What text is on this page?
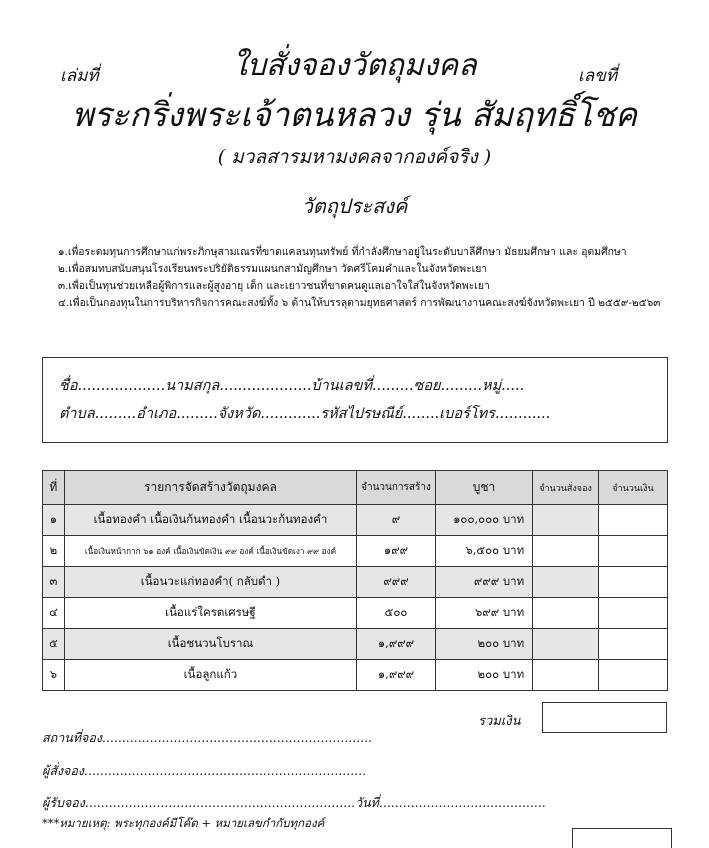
เล่มที่	เลขที่
ใบสั่งจองวัตถุมงคล
พระกริ่งพระเจ้าตนหลวง รุ่น สัมฤทธิ์โชค
( มวลสารมหามงคลจากองค์จริง )
วัตถุประสงค์
๑.เพื่อระดมทุนการศึกษาแก่พระภิกษุสามเณรที่ขาดแคลนทุนทรัพย์ ที่กำลังศึกษาอยู่ในระดับบาลีศึกษา มัธยมศึกษา และ อุดมศึกษา
๒.เพื่อสมทบสนับสนุนโรงเรียนพระปริยัติธรรมแผนกสามัญศึกษา วัดศรีโคมคำและในจังหวัดพะเยา
๓.เพื่อเป็นทุนช่วยเหลือผู้พิการและผู้สูงอายุ เด็ก และเยาวชนที่ขาดคนดูแลเอาใจใส่ในจังหวัดพะเยา
๔.เพื่อเป็นกองทุนในการบริหารกิจการคณะสงฆ์ทั้ง ๖ ด้านให้บรรลุตามยุทธศาสตร์ การพัฒนางานคณะสงฆ์จังหวัดพะเยา ปี ๒๕๕๙-๒๕๖๓
ชื่อ...................นามสกุล....................บ้านเลขที่.........ซอย.........หมู่.....
ตำบล.........อำเภอ.........จังหวัด.............รหัสไปรษณีย์........เบอร์โทร............
ที่	รายการจัดสร้างวัตถุมงคล	จำนวนการสร้าง	บูชา	จำนวนสั่งจอง	จำนวนเงิน
๑	เนื้อทองคำ เนื้อเงินก้นทองคำ เนื้อนวะก้นทองคำ	๙	๑๐๐,๐๐๐ บาท		
๒	เนื้อเงินหน้ากาก ๖๑ องค์ เนื้อเงินขัดเงิน ๙๙ องค์ เนื้อเงินขัดเงา ๙๙ องค์	๑๙๙	๖,๕๐๐ บาท		
๓	เนื้อนวะแก่ทองคำ( กลับดำ )	๙๙๙	๙๙๙ บาท		
๔	เนื้อแร่ใครตเศรษฐี	๕๐๐	๖๙๙ บาท		
๕	เนื้อชนวนโบราณ	๑,๙๙๙	๒๐๐ บาท		
๖	เนื้อลูกแก้ว	๑,๙๙๙	๒๐๐ บาท		
รวมเงิน
สถานที่จอง....................................................................
ผู้สั่งจอง.......................................................................
ผู้รับจอง....................................................................วันที่..........................................
***หมายเหตุ: พระทุกองค์มีโค๊ต + หมายเลขกำกับทุกองค์
